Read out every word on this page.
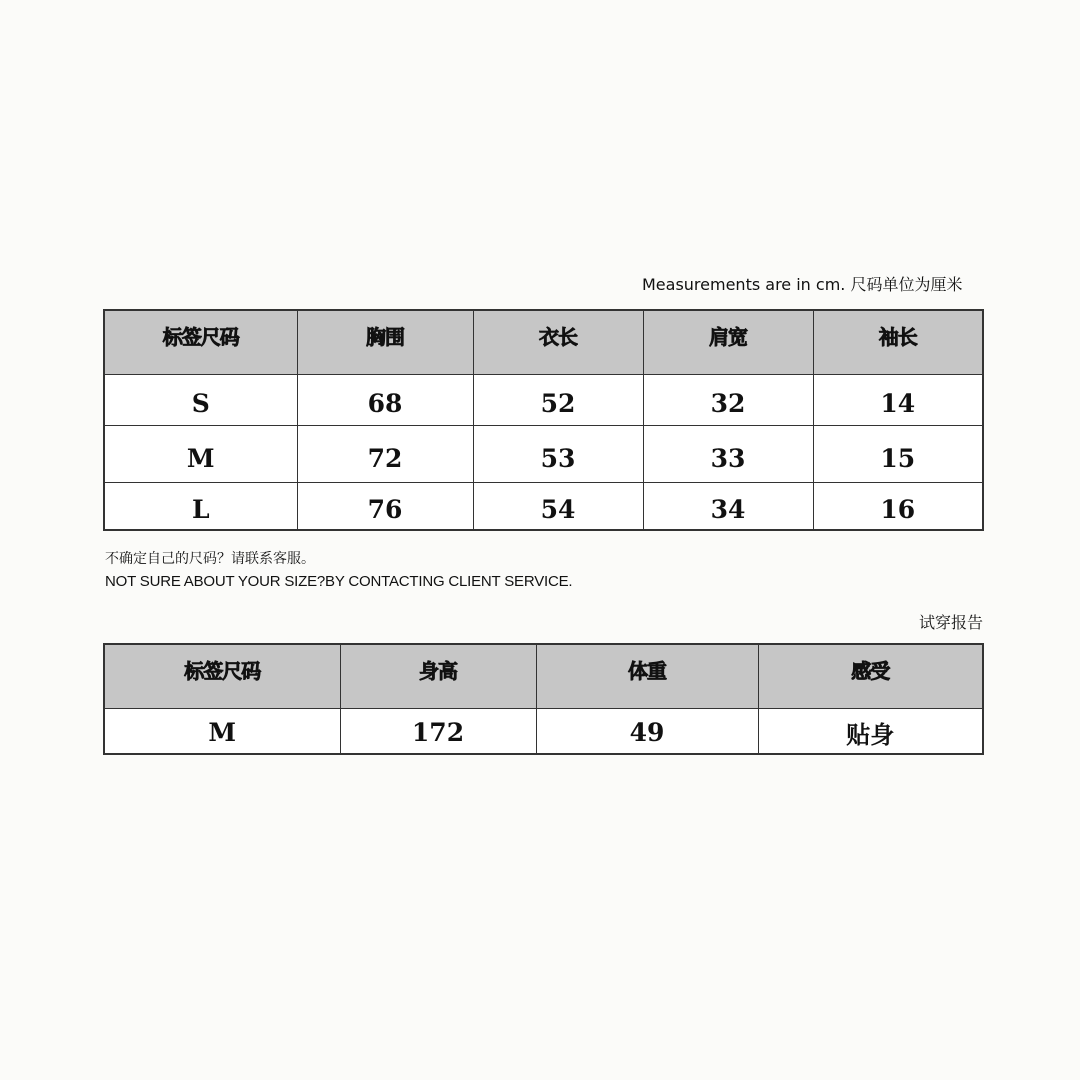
Measurements are in cm. 尺码单位为厘米
标签尺码	胸围	衣长	肩宽	袖长
S	68	52	32	14
M	72	53	33	15
L	76	54	34	16
不确定自己的尺码？请联系客服。
NOT SURE ABOUT YOUR SIZE?BY CONTACTING CLIENT SERVICE.
试穿报告
标签尺码	身高	体重	感受
M	172	49	贴身
